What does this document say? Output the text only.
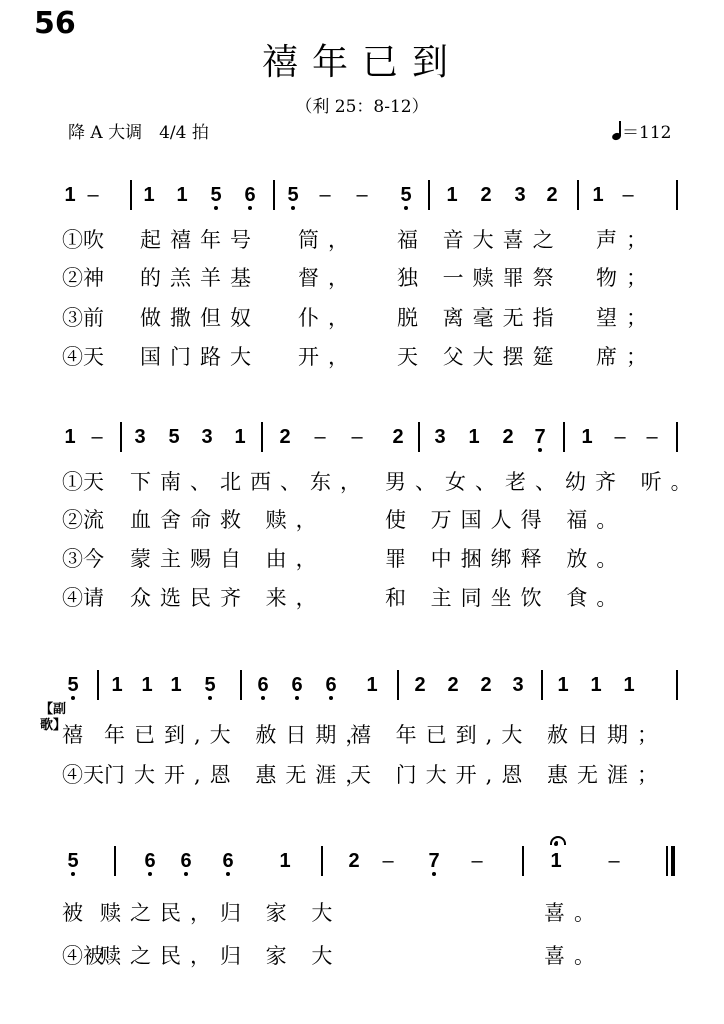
56
禧年已到
（利 25：8-12）
降 A 大调　4/4 拍	＝112
【副歌】
1 – 1 1 5 6 5 – – 5 1 2 3 2 1 –
①吹 起禧年号 筒， 福 音大喜之 声；
②神 的羔羊基 督， 独 一赎罪祭 物；
③前 做撒但奴 仆， 脱 离毫无指 望；
④天 国门路大 开， 天 父大摆筵 席；
1 – 3 5 3 1 2 – – 2 3 1 2 7 1 – –
①天 下南、北西、东， 男、女、老、幼齐 听。
②流 血舍命救 赎，	使 万国人得 福。
③今 蒙主赐自 由，	罪 中捆绑释 放。
④请 众选民齐 来，	和 主同坐饮 食。
5 1 1 1 5 6 6 6 1 2 2 2 3 1 1 1
禧 年已到,大 赦日期，
禧 年已到,大 赦日期；
④天 门大开,恩 惠无涯，
天 门大开,恩 惠无涯；
5	6 6 6 1	2 – 7 –	1 –
被 赎之民，归 家 大	喜。
④被
赎之民，归 家 大	喜。
